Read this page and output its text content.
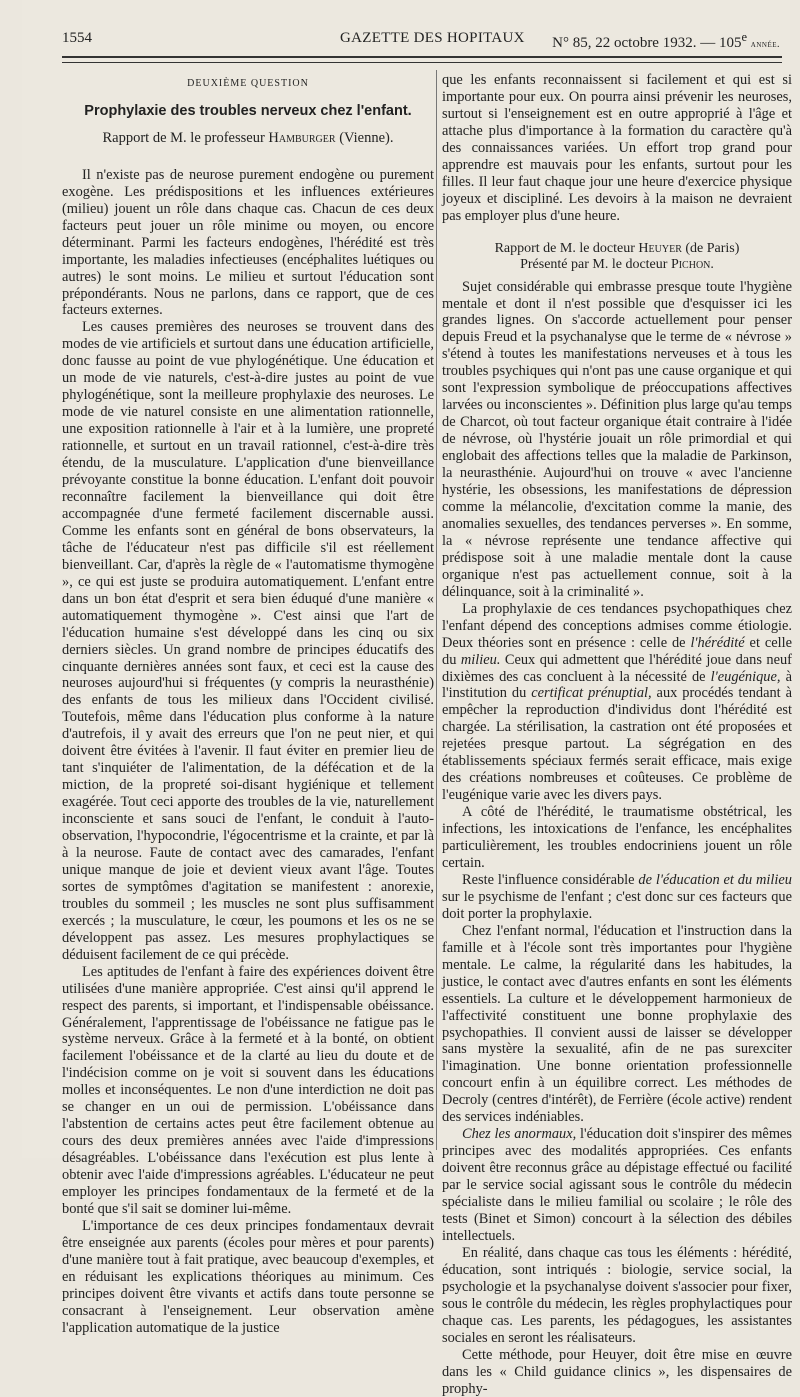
1554	GAZETTE DES HOPITAUX N° 85, 22 octobre 1932. — 105e année.
DEUXIÈME QUESTION
Prophylaxie des troubles nerveux chez l'enfant.
Rapport de M. le professeur Hamburger (Vienne).

Il n'existe pas de neurose purement endogène ou purement exogène. Les prédispositions et les influences extérieures (milieu) jouent un rôle dans chaque cas. Chacun de ces deux facteurs peut jouer un rôle minime ou moyen, ou encore déterminant. Parmi les facteurs endogènes, l'hérédité est très importante, les maladies infectieuses (encéphalites luétiques ou autres) le sont moins. Le milieu et surtout l'éducation sont prépondérants. Nous ne parlons, dans ce rapport, que de ces facteurs externes.

Les causes premières des neuroses se trouvent dans des modes de vie artificiels et surtout dans une éducation artificielle, donc fausse au point de vue phylogénétique. Une éducation et un mode de vie naturels, c'est-à-dire justes au point de vue phylogénétique, sont la meilleure prophylaxie des neuroses. Le mode de vie naturel consiste en une alimentation rationnelle, une exposition rationnelle à l'air et à la lumière, une propreté rationnelle, et surtout en un travail rationnel, c'est-à-dire très étendu, de la musculature. L'application d'une bienveillance prévoyante constitue la bonne éducation. L'enfant doit pouvoir reconnaître facilement la bienveillance qui doit être accompagnée d'une fermeté facilement discernable aussi. Comme les enfants sont en général de bons observateurs, la tâche de l'éducateur n'est pas difficile s'il est réellement bienveillant. Car, d'après la règle de « l'automatisme thymogène », ce qui est juste se produira automatiquement. L'enfant entre dans un bon état d'esprit et sera bien éduqué d'une manière « automatiquement thymogène ». C'est ainsi que l'art de l'éducation humaine s'est développé dans les cinq ou six derniers siècles. Un grand nombre de principes éducatifs des cinquante dernières années sont faux, et ceci est la cause des neuroses aujourd'hui si fréquentes (y compris la neurasthénie) des enfants de tous les milieux dans l'Occident civilisé. Toutefois, même dans l'éducation plus conforme à la nature d'autrefois, il y avait des erreurs que l'on ne peut nier, et qui doivent être évitées à l'avenir. Il faut éviter en premier lieu de tant s'inquiéter de l'alimentation, de la défécation et de la miction, de la propreté soi-disant hygiénique et tellement exagérée. Tout ceci apporte des troubles de la vie, naturellement inconsciente et sans souci de l'enfant, le conduit à l'auto-observation, l'hypocondrie, l'égocentrisme et la crainte, et par là à la neurose. Faute de contact avec des camarades, l'enfant unique manque de joie et devient vieux avant l'âge. Toutes sortes de symptômes d'agitation se manifestent : anorexie, troubles du sommeil ; les muscles ne sont plus suffisamment exercés ; la musculature, le cœur, les poumons et les os ne se développent pas assez. Les mesures prophylactiques se déduisent facilement de ce qui précède.

Les aptitudes de l'enfant à faire des expériences doivent être utilisées d'une manière appropriée. C'est ainsi qu'il apprend le respect des parents, si important, et l'indispensable obéissance. Généralement, l'apprentissage de l'obéissance ne fatigue pas le système nerveux. Grâce à la fermeté et à la bonté, on obtient facilement l'obéissance et de la clarté au lieu du doute et de l'indécision comme on je voit si souvent dans les éducations molles et inconséquentes. Le non d'une interdiction ne doit pas se changer en un oui de permission. L'obéissance dans l'abstention de certains actes peut être facilement obtenue au cours des deux premières années avec l'aide d'impressions désagréables. L'obéissance dans l'exécution est plus lente à obtenir avec l'aide d'impressions agréables. L'éducateur ne peut employer les principes fondamentaux de la fermeté et de la bonté que s'il sait se dominer lui-même.

L'importance de ces deux principes fondamentaux devrait être enseignée aux parents (écoles pour mères et pour parents) d'une manière tout à fait pratique, avec beaucoup d'exemples, et en réduisant les explications théoriques au minimum. Ces principes doivent être vivants et actifs dans toute personne se consacrant à l'enseignement. Leur observation amène l'application automatique de la justice

que les enfants reconnaissent si facilement et qui est si importante pour eux. On pourra ainsi prévenir les neuroses, surtout si l'enseignement est en outre approprié à l'âge et attache plus d'importance à la formation du caractère qu'à des connaissances variées. Un effort trop grand pour apprendre est mauvais pour les enfants, surtout pour les filles. Il leur faut chaque jour une heure d'exercice physique joyeux et discipliné. Les devoirs à la maison ne devraient pas employer plus d'une heure.

Rapport de M. le docteur Heuyer (de Paris)
Présenté par M. le docteur Pichon.

Sujet considérable qui embrasse presque toute l'hygiène mentale et dont il n'est possible que d'esquisser ici les grandes lignes. On s'accorde actuellement pour penser depuis Freud et la psychanalyse que le terme de « névrose » s'étend à toutes les manifestations nerveuses et à tous les troubles psychiques qui n'ont pas une cause organique et qui sont l'expression symbolique de préoccupations affectives larvées ou inconscientes ». Définition plus large qu'au temps de Charcot, où tout facteur organique était contraire à l'idée de névrose, où l'hystérie jouait un rôle primordial et qui englobait des affections telles que la maladie de Parkinson, la neurasthénie. Aujourd'hui on trouve « avec l'ancienne hystérie, les obsessions, les manifestations de dépression comme la mélancolie, d'excitation comme la manie, des anomalies sexuelles, des tendances perverses ». En somme, la « névrose représente une tendance affective qui prédispose soit à une maladie mentale dont la cause organique n'est pas actuellement connue, soit à la délinquance, soit à la criminalité ».

La prophylaxie de ces tendances psychopathiques chez l'enfant dépend des conceptions admises comme étiologie. Deux théories sont en présence : celle de l'hérédité et celle du milieu. Ceux qui admettent que l'hérédité joue dans neuf dixièmes des cas concluent à la nécessité de l'eugénique, à l'institution du certificat prénuptial, aux procédés tendant à empêcher la reproduction d'individus dont l'hérédité est chargée. La stérilisation, la castration ont été proposées et rejetées presque partout. La ségrégation en des établissements spéciaux fermés serait efficace, mais exige des créations nombreuses et coûteuses. Ce problème de l'eugénique varie avec les divers pays.

A côté de l'hérédité, le traumatisme obstétrical, les infections, les intoxications de l'enfance, les encéphalites particulièrement, les troubles endocriniens jouent un rôle certain.

Reste l'influence considérable de l'éducation et du milieu sur le psychisme de l'enfant ; c'est donc sur ces facteurs que doit porter la prophylaxie.

Chez l'enfant normal, l'éducation et l'instruction dans la famille et à l'école sont très importantes pour l'hygiène mentale. Le calme, la régularité dans les habitudes, la justice, le contact avec d'autres enfants en sont les éléments essentiels. La culture et le développement harmonieux de l'affectivité constituent une bonne prophylaxie des psychopathies. Il convient aussi de laisser se développer sans mystère la sexualité, afin de ne pas surexciter l'imagination. Une bonne orientation professionnelle concourt enfin à un équilibre correct. Les méthodes de Decroly (centres d'intérêt), de Ferrière (école active) rendent des services indéniables.

Chez les anormaux, l'éducation doit s'inspirer des mêmes principes avec des modalités appropriées. Ces enfants doivent être reconnus grâce au dépistage effectué ou facilité par le service social agissant sous le contrôle du médecin spécialiste dans le milieu familial ou scolaire ; le rôle des tests (Binet et Simon) concourt à la sélection des débiles intellectuels.

En réalité, dans chaque cas tous les éléments : hérédité, éducation, sont intriqués : biologie, service social, la psychologie et la psychanalyse doivent s'associer pour fixer, sous le contrôle du médecin, les règles prophylactiques pour chaque cas. Les parents, les pédagogues, les assistantes sociales en seront les réalisateurs.

Cette méthode, pour Heuyer, doit être mise en œuvre dans les « Child guidance clinics », les dispensaires de prophy-
